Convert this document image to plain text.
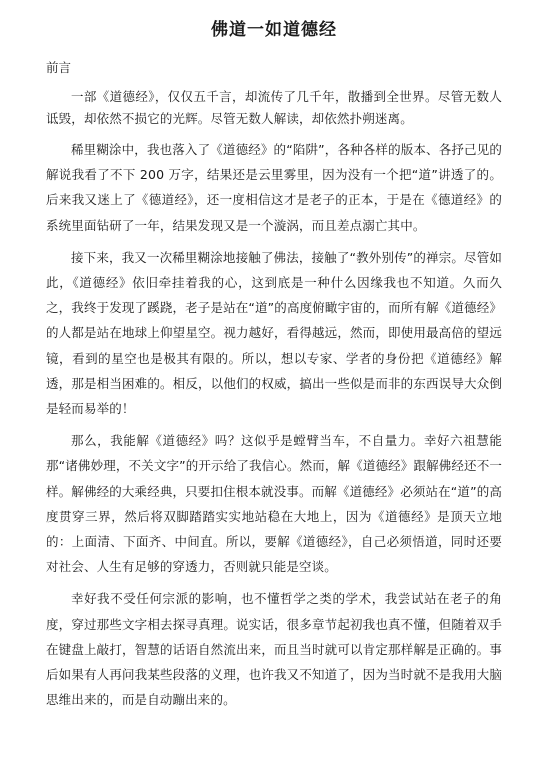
佛道一如道德经
前言

一部《道德经》，仅仅五千言，却流传了几千年，散播到全世界。尽管无数人诋毁，却依然不损它的光辉。尽管无数人解读，却依然扑朔迷离。

稀里糊涂中，我也落入了《道德经》的“陷阱”，各种各样的版本、各抒己见的解说我看了不下 200 万字，结果还是云里雾里，因为没有一个把“道”讲透了的。后来我又迷上了《德道经》，还一度相信这才是老子的正本，于是在《德道经》的系统里面钻研了一年，结果发现又是一个漩涡，而且差点溺亡其中。

接下来，我又一次稀里糊涂地接触了佛法，接触了“教外别传”的禅宗。尽管如此，《道德经》依旧牵挂着我的心，这到底是一种什么因缘我也不知道。久而久之，我终于发现了蹊跷，老子是站在“道”的高度俯瞰宇宙的，而所有解《道德经》的人都是站在地球上仰望星空。视力越好，看得越远，然而，即使用最高倍的望远镜，看到的星空也是极其有限的。所以，想以专家、学者的身份把《道德经》解透，那是相当困难的。相反，以他们的权威，搞出一些似是而非的东西误导大众倒是轻而易举的！

那么，我能解《道德经》吗？这似乎是螳臂当车，不自量力。幸好六祖慧能那“诸佛妙理，不关文字”的开示给了我信心。然而，解《道德经》跟解佛经还不一样。解佛经的大乘经典，只要扣住根本就没事。而解《道德经》必须站在“道”的高度贯穿三界，然后将双脚踏踏实实地站稳在大地上，因为《道德经》是顶天立地的：上面清、下面齐、中间直。所以，要解《道德经》，自己必须悟道，同时还要对社会、人生有足够的穿透力，否则就只能是空谈。

幸好我不受任何宗派的影响，也不懂哲学之类的学术，我尝试站在老子的角度，穿过那些文字相去探寻真理。说实话，很多章节起初我也真不懂，但随着双手在键盘上敲打，智慧的话语自然流出来，而且当时就可以肯定那样解是正确的。事后如果有人再问我某些段落的义理，也许我又不知道了，因为当时就不是我用大脑思维出来的，而是自动蹦出来的。
